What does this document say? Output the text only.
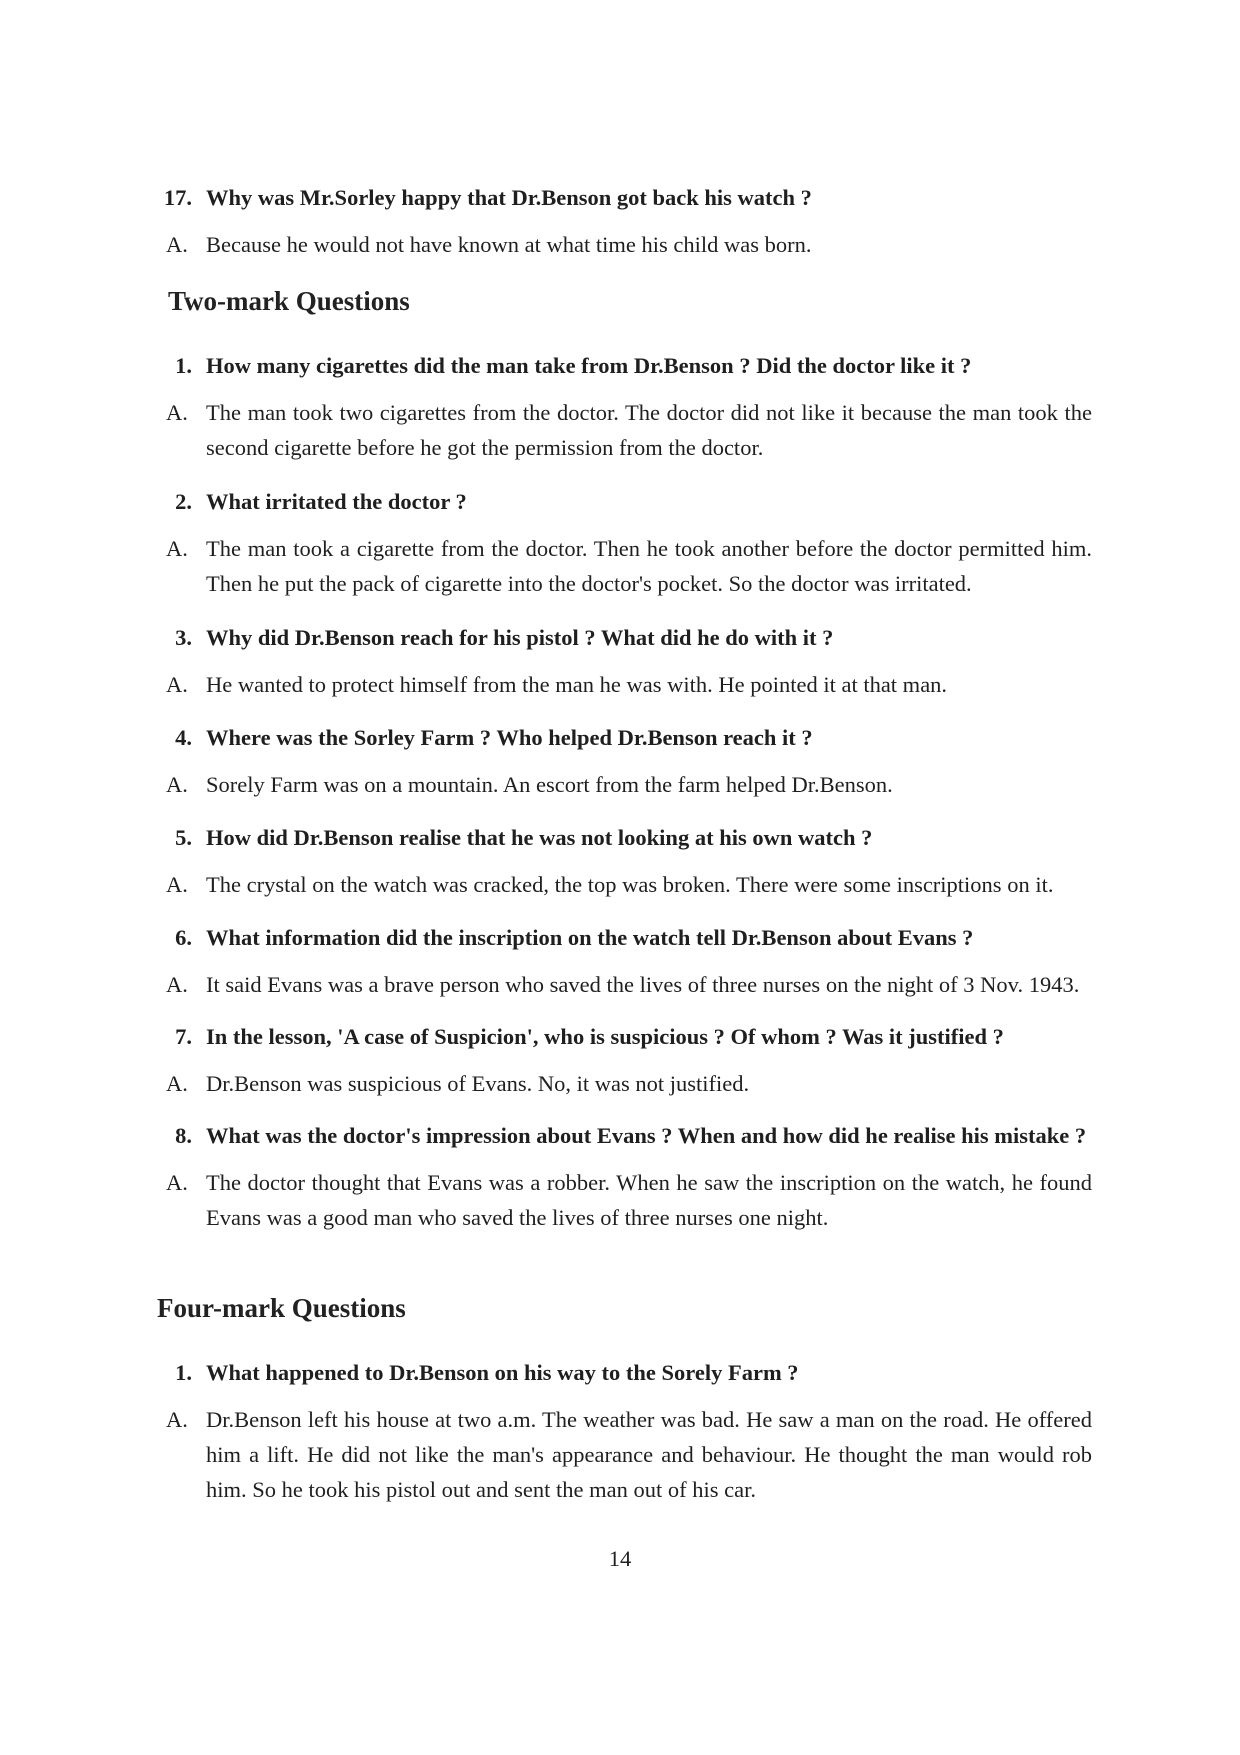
17. Why was Mr.Sorley happy that Dr.Benson got back his watch ?
A. Because he would not have known at what time his child was born.
Two-mark Questions
1. How many cigarettes did the man take from Dr.Benson ? Did the doctor like it ?
A. The man took two cigarettes from the doctor. The doctor did not like it because the man took the second cigarette before he got the permission from the doctor.
2. What irritated the doctor ?
A. The man took a cigarette from the doctor. Then he took another before the doctor permitted him. Then he put the pack of cigarette into the doctor's pocket. So the doctor was irritated.
3. Why did Dr.Benson reach for his pistol ? What did he do with it ?
A. He wanted to protect himself from the man he was with. He pointed it at that man.
4. Where was the Sorley Farm ? Who helped Dr.Benson reach it ?
A. Sorely Farm was on a mountain. An escort from the farm helped Dr.Benson.
5. How did Dr.Benson realise that he was not looking at his own watch ?
A. The crystal on the watch was cracked, the top was broken. There were some inscriptions on it.
6. What information did the inscription on the watch tell Dr.Benson about Evans ?
A. It said Evans was a brave person who saved the lives of three nurses on the night of 3 Nov. 1943.
7. In the lesson, 'A case of Suspicion', who is suspicious ? Of whom ? Was it justified ?
A. Dr.Benson was suspicious of Evans. No, it was not justified.
8. What was the doctor's impression about Evans ? When and how did he realise his mistake ?
A. The doctor thought that Evans was a robber. When he saw the inscription on the watch, he found Evans was a good man who saved the lives of three nurses one night.
Four-mark Questions
1. What happened to Dr.Benson on his way to the Sorely Farm ?
A. Dr.Benson left his house at two a.m. The weather was bad. He saw a man on the road. He offered him a lift. He did not like the man's appearance and behaviour. He thought the man would rob him. So he took his pistol out and sent the man out of his car.
14
